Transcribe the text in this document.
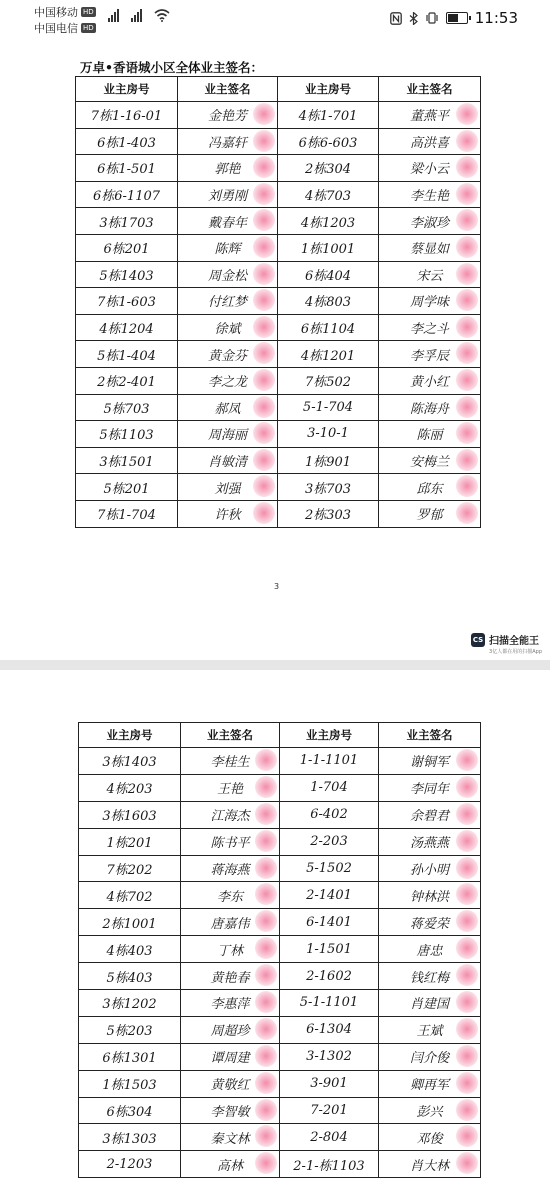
中国移动 HD
中国电信 HD
11:53
万卓•香语城小区全体业主签名：
业主房号	业主签名	业主房号	业主签名
7栋1-16-01	金艳芳	4栋1-701	董燕平
6栋1-403	冯嘉轩	6栋6-603	高洪喜
6栋1-501	郭艳	2栋304	梁小云
6栋6-1107	刘勇刚	4栋703	李生艳
3栋1703	戴春年	4栋1203	李淑珍
6栋201	陈辉	1栋1001	蔡显如
5栋1403	周金松	6栋404	宋云
7栋1-603	付红梦	4栋803	周学味
4栋1204	徐斌	6栋1104	李之斗
5栋1-404	黄金芬	4栋1201	李孚辰
2栋2-401	李之龙	7栋502	黄小红
5栋703	郝凤	5-1-704	陈海舟
5栋1103	周海丽	3-10-1	陈丽
3栋1501	肖敏清	1栋901	安梅兰
5栋201	刘强	3栋703	邱东
7栋1-704	许秋	2栋303	罗郁
3
CS 扫描全能王
3亿人都在用的扫描App
业主房号	业主签名	业主房号	业主签名
3栋1403	李桂生	1-1-1101	谢铜军
4栋203	王艳	1-704	李同年
3栋1603	江海杰	6-402	余碧君
1栋201	陈书平	2-203	汤燕燕
7栋202	蒋海燕	5-1502	孙小明
4栋702	李东	2-1401	钟林洪
2栋1001	唐嘉伟	6-1401	蒋爱荣
4栋403	丁林	1-1501	唐忠
5栋403	黄艳春	2-1602	钱红梅
3栋1202	李惠萍	5-1-1101	肖建国
5栋203	周超珍	6-1304	王斌
6栋1301	谭周建	3-1302	闫介俊
1栋1503	黄敬红	3-901	卿再军
6栋304	李智敏	7-201	彭兴
3栋1303	秦文林	2-804	邓俊
2-1203	高林	2-1-栋1103	肖大林
